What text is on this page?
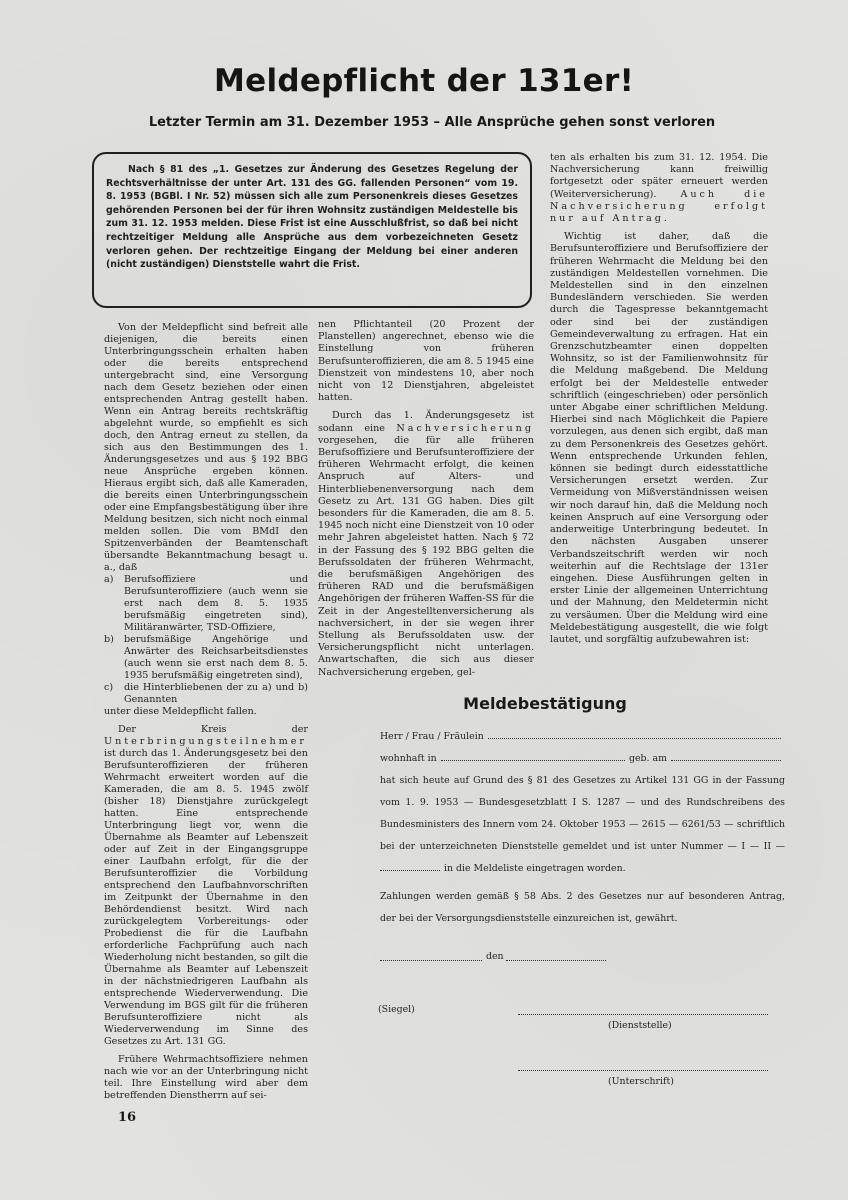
Meldepflicht der 131er!
Letzter Termin am 31. Dezember 1953 – Alle Ansprüche gehen sonst verloren

Nach § 81 des „1. Gesetzes zur Änderung des Gesetzes Regelung der Rechtsverhältnisse der unter Art. 131 des GG. fallenden Personen“ vom 19. 8. 1953 (BGBl. I Nr. 52) müssen sich alle zum Personenkreis dieses Gesetzes gehörenden Personen bei der für ihren Wohnsitz zuständigen Meldestelle bis zum 31. 12. 1953 melden. Diese Frist ist eine Ausschlußfrist, so daß bei nicht rechtzeitiger Meldung alle Ansprüche aus dem vorbezeichneten Gesetz verloren gehen. Der rechtzeitige Eingang der Meldung bei einer anderen (nicht zuständigen) Dienststelle wahrt die Frist.

Von der Meldepflicht sind befreit alle diejenigen, die bereits einen Unterbringungsschein erhalten haben oder die bereits entsprechend untergebracht sind, eine Versorgung nach dem Gesetz beziehen oder einen entsprechenden Antrag gestellt haben. Wenn ein Antrag bereits rechtskräftig abgelehnt wurde, so empfiehlt es sich doch, den Antrag erneut zu stellen, da sich aus den Bestimmungen des 1. Änderungsgesetzes und aus § 192 BBG neue Ansprüche ergeben können. Hieraus ergibt sich, daß alle Kameraden, die bereits einen Unterbringungsschein oder eine Empfangsbestätigung über ihre Meldung besitzen, sich nicht noch einmal melden sollen. Die vom BMdI den Spitzenverbänden der Beamtenschaft übersandte Bekanntmachung besagt u. a., daß

a) Berufsoffiziere und Berufsunteroffiziere (auch wenn sie erst nach dem 8. 5. 1935 berufsmäßig eingetreten sind), Militäranwärter, TSD-Offiziere,
b) berufsmäßige Angehörige und Anwärter des Reichsarbeitsdienstes (auch wenn sie erst nach dem 8. 5. 1935 berufsmäßig eingetreten sind),
c) die Hinterbliebenen der zu a) und b) Genannten

unter diese Meldepflicht fallen.

Der Kreis der Unterbringungsteilnehmer ist durch das 1. Änderungsgesetz bei den Berufsunteroffizieren der früheren Wehrmacht erweitert worden auf die Kameraden, die am 8. 5. 1945 zwölf (bisher 18) Dienstjahre zurückgelegt hatten. Eine entsprechende Unterbringung liegt vor, wenn die Übernahme als Beamter auf Lebenszeit oder auf Zeit in der Eingangsgruppe einer Laufbahn erfolgt, für die der Berufsunteroffizier die Vorbildung entsprechend den Laufbahnvorschriften im Zeitpunkt der Übernahme in den Behördendienst besitzt. Wird nach zurückgelegtem Vorbereitungs- oder Probedienst die für die Laufbahn erforderliche Fachprüfung auch nach Wiederholung nicht bestanden, so gilt die Übernahme als Beamter auf Lebenszeit in der nächstniedrigeren Laufbahn als entsprechende Wiederverwendung. Die Verwendung im BGS gilt für die früheren Berufsunteroffiziere nicht als Wiederverwendung im Sinne des Gesetzes zu Art. 131 GG.

Frühere Wehrmachtsoffiziere nehmen nach wie vor an der Unterbringung nicht teil. Ihre Einstellung wird aber dem betreffenden Dienstherrn auf sei-

nen Pflichtanteil (20 Prozent der Planstellen) angerechnet, ebenso wie die Einstellung von früheren Berufsunteroffizieren, die am 8. 5 1945 eine Dienstzeit von mindestens 10, aber noch nicht von 12 Dienstjahren, abgeleistet hatten.

Durch das 1. Änderungsgesetz ist sodann eine Nachversicherung vorgesehen, die für alle früheren Berufsoffiziere und Berufsunteroffiziere der früheren Wehrmacht erfolgt, die keinen Anspruch auf Alters- und Hinterbliebenenversorgung nach dem Gesetz zu Art. 131 GG haben. Dies gilt besonders für die Kameraden, die am 8. 5. 1945 noch nicht eine Dienstzeit von 10 oder mehr Jahren abgeleistet hatten. Nach § 72 in der Fassung des § 192 BBG gelten die Berufssoldaten der früheren Wehrmacht, die berufsmäßigen Angehörigen des früheren RAD und die berufsmäßigen Angehörigen der früheren Waffen-SS für die Zeit in der Angestelltenversicherung als nachversichert, in der sie wegen ihrer Stellung als Berufssoldaten usw. der Versicherungspflicht nicht unterlagen. Anwartschaften, die sich aus dieser Nachversicherung ergeben, gel-

ten als erhalten bis zum 31. 12. 1954. Die Nachversicherung kann freiwillig fortgesetzt oder später erneuert werden (Weiterversicherung). Auch die Nachversicherung erfolgt nur auf Antrag.

Wichtig ist daher, daß die Berufsunteroffiziere und Berufsoffiziere der früheren Wehrmacht die Meldung bei den zuständigen Meldestellen vornehmen. Die Meldestellen sind in den einzelnen Bundesländern verschieden. Sie werden durch die Tagespresse bekanntgemacht oder sind bei der zuständigen Gemeindeverwaltung zu erfragen. Hat ein Grenzschutzbeamter einen doppelten Wohnsitz, so ist der Familienwohnsitz für die Meldung maßgebend. Die Meldung erfolgt bei der Meldestelle entweder schriftlich (eingeschrieben) oder persönlich unter Abgabe einer schriftlichen Meldung. Hierbei sind nach Möglichkeit die Papiere vorzulegen, aus denen sich ergibt, daß man zu dem Personenkreis des Gesetzes gehört. Wenn entsprechende Urkunden fehlen, können sie bedingt durch eidesstattliche Versicherungen ersetzt werden. Zur Vermeidung von Mißverständnissen weisen wir noch darauf hin, daß die Meldung noch keinen Anspruch auf eine Versorgung oder anderweitige Unterbringung bedeutet. In den nächsten Ausgaben unserer Verbandszeitschrift werden wir noch weiterhin auf die Rechtslage der 131er eingehen. Diese Ausführungen gelten in erster Linie der allgemeinen Unterrichtung und der Mahnung, den Meldetermin nicht zu versäumen. Über die Meldung wird eine Meldebestätigung ausgestellt, die wie folgt lautet, und sorgfältig aufzubewahren ist:

Meldebestätigung
Herr / Frau / Fräulein
wohnhaft in	geb. am
hat sich heute auf Grund des § 81 des Gesetzes zu Artikel 131 GG in der Fassung
vom 1. 9. 1953 — Bundesgesetzblatt I S. 1287 — und des Rundschreibens des
Bundesministers des Innern vom 24. Oktober 1953 — 2615 — 6261/53 — schriftlich
bei der unterzeichneten Dienststelle gemeldet und ist unter Nummer — I — II —
in die Meldeliste eingetragen worden.
Zahlungen werden gemäß § 58 Abs. 2 des Gesetzes nur auf besonderen Antrag,
der bei der Versorgungsdienststelle einzureichen ist, gewährt.
den
(Siegel)
(Dienststelle)
(Unterschrift)
16
